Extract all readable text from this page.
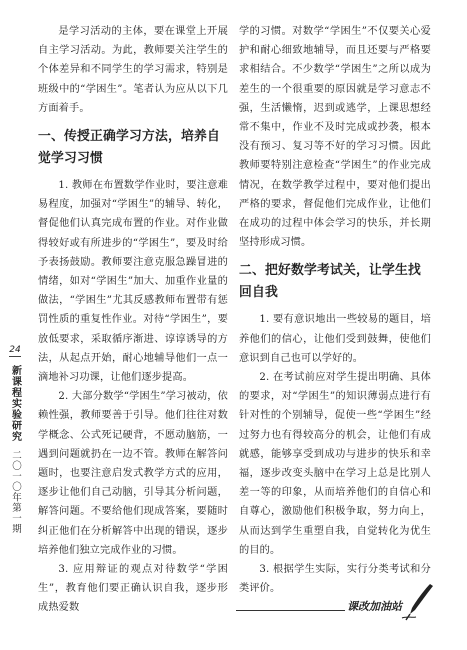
是学习活动的主体，要在课堂上开展自主学习活动。为此，教师要关注学生的个体差异和不同学生的学习需求，特别是班级中的“学困生”。笔者认为应从以下几方面着手。

一、传授正确学习方法，培养自觉学习习惯

1. 教师在布置数学作业时，要注意难易程度，加强对“学困生”的辅导、转化，督促他们认真完成布置的作业。对作业做得较好或有所进步的“学困生”，要及时给予表扬鼓励。教师要注意克服急躁冒进的情绪，如对“学困生”加大、加重作业量的做法，“学困生”尤其反感教师布置带有惩罚性质的重复性作业。对待“学困生”，要放低要求，采取循序渐进、谆谆诱导的方法，从起点开始，耐心地辅导他们一点一滴地补习功课，让他们逐步提高。

2. 大部分数学“学困生”学习被动，依赖性强，教师要善于引导。他们往往对数学概念、公式死记硬背，不愿动脑筋，一遇到问题就扔在一边不管。教师在解答问题时，也要注意启发式教学方式的应用，逐步让他们自己动脑，引导其分析问题，解答问题。不要给他们现成答案，要随时纠正他们在分析解答中出现的错误，逐步培养他们独立完成作业的习惯。

3. 应用辩证的观点对待数学“学困生”，教育他们要正确认识自我，逐步形成热爱数

学的习惯。对数学“学困生”不仅要关心爱护和耐心细致地辅导，而且还要与严格要求相结合。不少数学“学困生”之所以成为差生的一个很重要的原因就是学习意志不强，生活懒惰，迟到或逃学，上课思想经常不集中，作业不及时完成或抄袭，根本没有预习、复习等不好的学习习惯。因此教师要特别注意检查“学困生”的作业完成情况，在数学教学过程中，要对他们提出严格的要求，督促他们完成作业，让他们在成功的过程中体会学习的快乐，并长期坚持形成习惯。

二、把好数学考试关，让学生找回自我

1. 要有意识地出一些较易的题目，培养他们的信心，让他们受到鼓舞，使他们意识到自己也可以学好的。

2. 在考试前应对学生提出明确、具体的要求，对“学困生”的知识薄弱点进行有针对性的个别辅导，促使一些“学困生”经过努力也有得较高分的机会，让他们有成就感，能够享受到成功与进步的快乐和幸福，逐步改变头脑中在学习上总是比别人差一等的印象，从而培养他们的自信心和自尊心，激励他们积极争取，努力向上，从而达到学生重塑自我，自觉转化为优生的目的。

3. 根据学生实际，实行分类考试和分类评价。

24
新课程实验研究
二〇一〇年第一期
课改加油站
